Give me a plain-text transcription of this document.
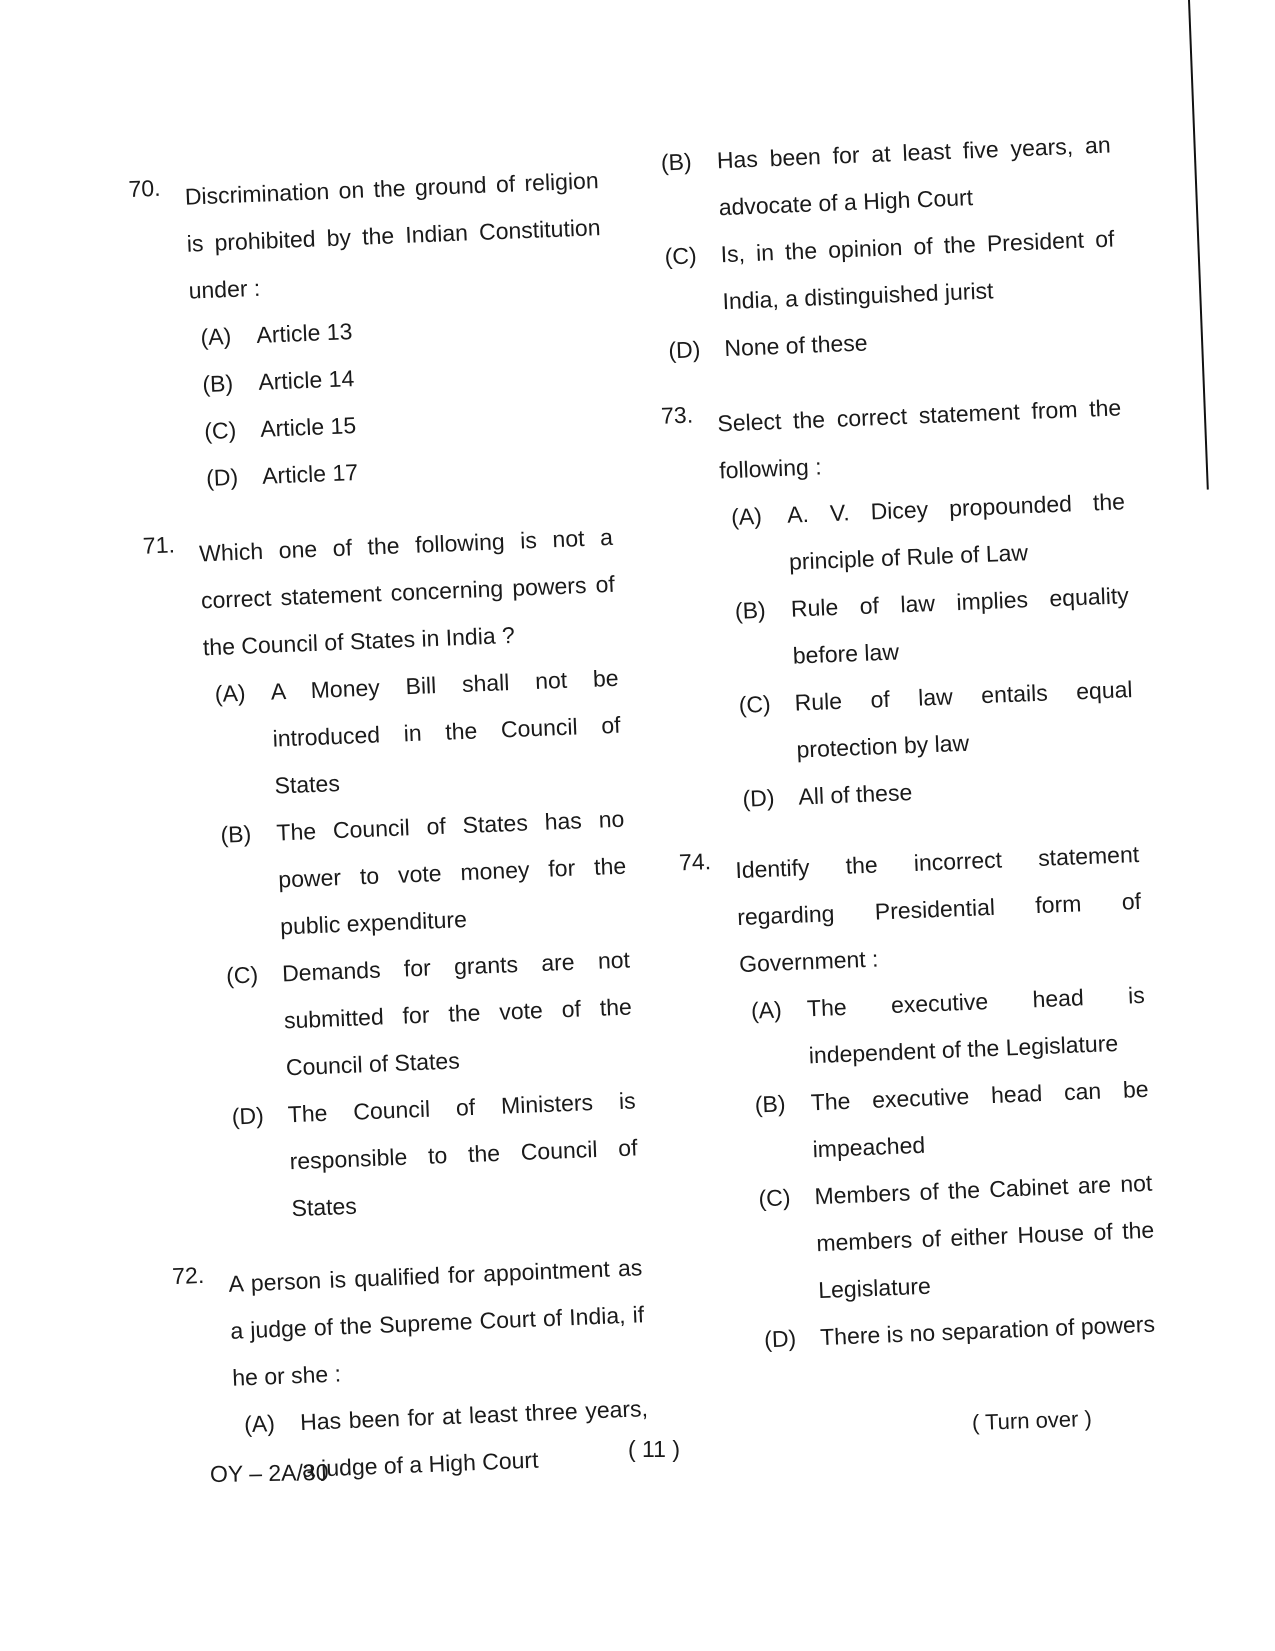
70.	Discrimination on the ground of religion is prohibited by the Indian Constitution under :
(A)	Article 13
(B)	Article 14
(C) Article 15
(D) Article 17
71.	Which one of the following is not a correct statement concerning powers of the Council of States in India ?
(A)	A Money Bill shall not be introduced in the Council of States
(B)	The Council of States has no power to vote money for the public expenditure
(C) Demands for grants are not submitted for the vote of the Council of States
(D) The Council of Ministers is responsible to the Council of States
72.	A person is qualified for appointment as a judge of the Supreme Court of India, if he or she :
(A)	Has been for at least three years, a judge of a High Court
(B)	Has been for at least five years, an advocate of a High Court
(C) Is, in the opinion of the President of India, a distinguished jurist
(D) None of these
73.	Select the correct statement from the following :
(A)	A. V. Dicey propounded the principle of Rule of Law
(B)	Rule of law implies equality before law
(C) Rule of law entails equal protection by law
(D) All of these
74.	Identify the incorrect statement regarding Presidential form of Government :
(A)	The executive head is independent of the Legislature
(B)	The executive head can be impeached
(C) Members of the Cabinet are not members of either House of the Legislature
(D) There is no separation of powers
( Turn over )
( 11 )
OY – 2A/30
